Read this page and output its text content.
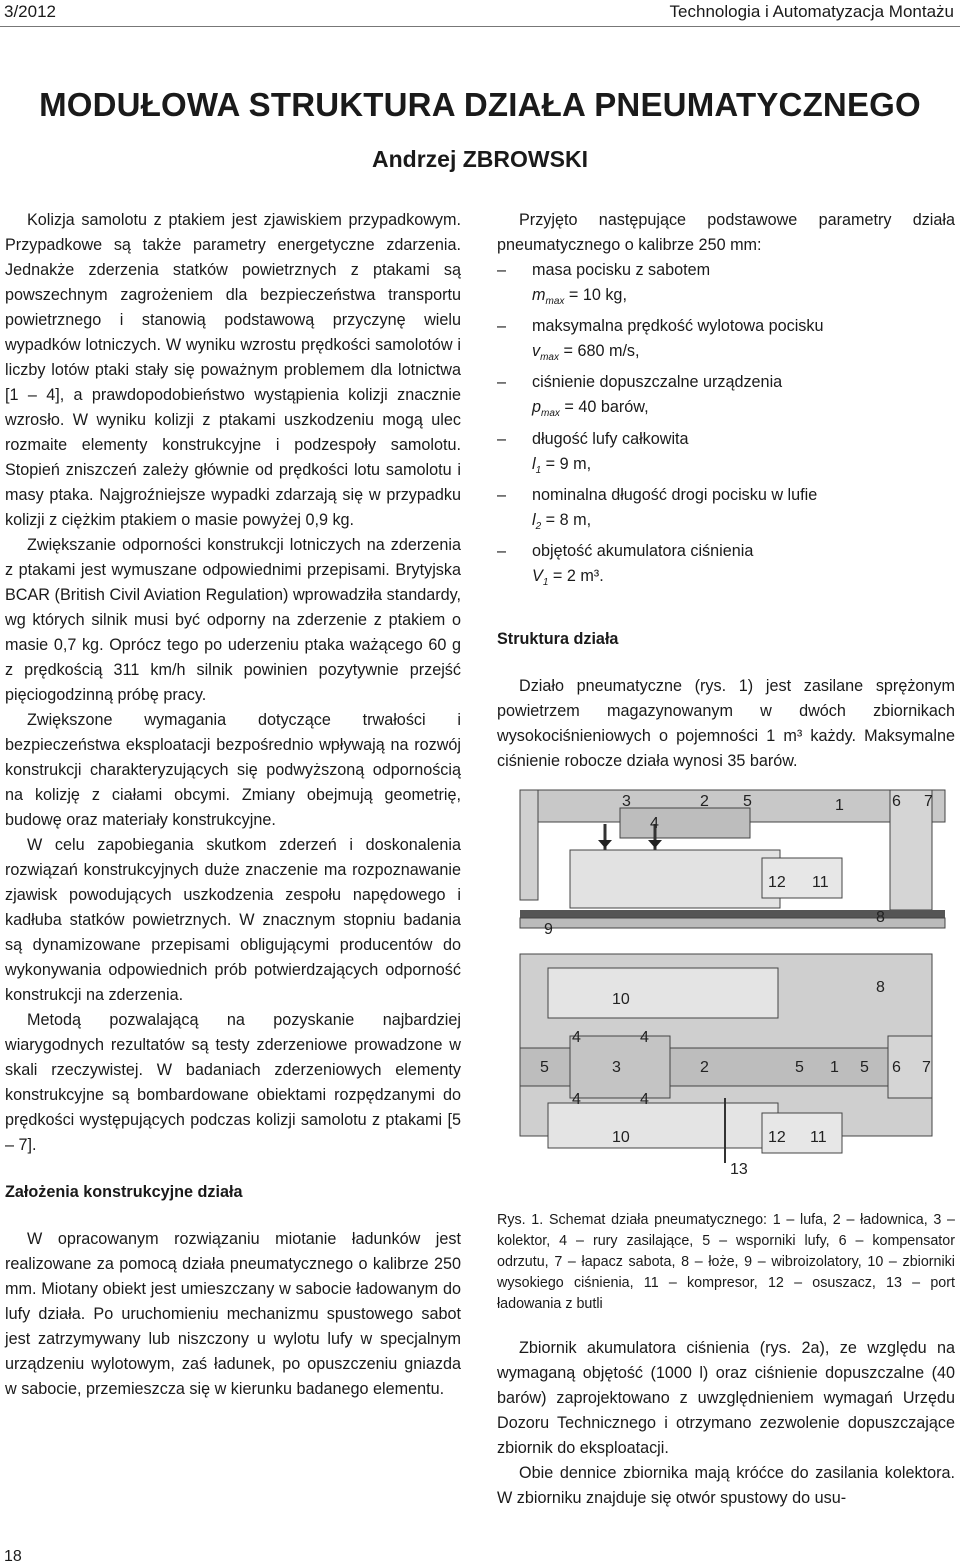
3/2012	Technologia i Automatyzacja Montażu
MODUŁOWA STRUKTURA DZIAŁA PNEUMATYCZNEGO
Andrzej ZBROWSKI

Kolizja samolotu z ptakiem jest zjawiskiem przypadkowym. Przypadkowe są także parametry energetyczne zdarzenia. Jednakże zderzenia statków powietrznych z ptakami są powszechnym zagrożeniem dla bezpieczeństwa transportu powietrznego i stanowią podstawową przyczynę wielu wypadków lotniczych. W wyniku wzrostu prędkości samolotów i liczby lotów ptaki stały się poważnym problemem dla lotnictwa [1 – 4], a prawdopodobieństwo wystąpienia kolizji znacznie wzrosło. W wyniku kolizji z ptakami uszkodzeniu mogą ulec rozmaite elementy konstrukcyjne i podzespoły samolotu. Stopień zniszczeń zależy głównie od prędkości lotu samolotu i masy ptaka. Najgroźniejsze wypadki zdarzają się w przypadku kolizji z ciężkim ptakiem o masie powyżej 0,9 kg.

Zwiększanie odporności konstrukcji lotniczych na zderzenia z ptakami jest wymuszane odpowiednimi przepisami. Brytyjska BCAR (British Civil Aviation Regulation) wprowadziła standardy, wg których silnik musi być odporny na zderzenie z ptakiem o masie 0,7 kg. Oprócz tego po uderzeniu ptaka ważącego 60 g z prędkością 311 km/h silnik powinien pozytywnie przejść pięciogodzinną próbę pracy.

Zwiększone wymagania dotyczące trwałości i bezpieczeństwa eksploatacji bezpośrednio wpływają na rozwój konstrukcji charakteryzujących się podwyższoną odpornością na kolizję z ciałami obcymi. Zmiany obejmują geometrię, budowę oraz materiały konstrukcyjne.

W celu zapobiegania skutkom zderzeń i doskonalenia rozwiązań konstrukcyjnych duże znaczenie ma rozpoznawanie zjawisk powodujących uszkodzenia zespołu napędowego i kadłuba statków powietrznych. W znacznym stopniu badania są dynamizowane przepisami obligującymi producentów do wykonywania odpowiednich prób potwierdzających odporność konstrukcji na zderzenia.

Metodą pozwalającą na pozyskanie najbardziej wiarygodnych rezultatów są testy zderzeniowe prowadzone w skali rzeczywistej. W badaniach zderzeniowych elementy konstrukcyjne są bombardowane obiektami rozpędzanymi do prędkości występujących podczas kolizji samolotu z ptakami [5 – 7].

Założenia konstrukcyjne działa

W opracowanym rozwiązaniu miotanie ładunków jest realizowane za pomocą działa pneumatycznego o kalibrze 250 mm. Miotany obiekt jest umieszczany w sabocie ładowanym do lufy działa. Po uruchomieniu mechanizmu spustowego sabot jest zatrzymywany lub niszczony u wylotu lufy w specjalnym urządzeniu wylotowym, zaś ładunek, po opuszczeniu gniazda w sabocie, przemieszcza się w kierunku badanego elementu.

Przyjęto następujące podstawowe parametry działa pneumatycznego o kalibrze 250 mm:

– masa pocisku z sabotem
$m_{max} = 10$ kg,
– maksymalna prędkość wylotowa pocisku
$v_{max} = 680$ m/s,
– ciśnienie dopuszczalne urządzenia
$p_{max} = 40$ barów,
– długość lufy całkowita
$l_1 = 9$ m,
– nominalna długość drogi pocisku w lufie
$l_2 = 8$ m,
– objętość akumulatora ciśnienia
$V_1 = 2$ m³.
Struktura działa

Działo pneumatyczne (rys. 1) jest zasilane sprężonym powietrzem magazynowanym w dwóch zbiornikach wysokociśnieniowych o pojemności 1 m³ każdy. Maksymalne ciśnienie robocze działa wynosi 35 barów.

3
4
2 5	1	6 7
12 11
8
9
10
8
4	4
5	3	2	5 1 5 6 7
4	4
10	12 11
13
Rys. 1. Schemat działa pneumatycznego: 1 – lufa, 2 – ładownica, 3 – kolektor, 4 – rury zasilające, 5 – wsporniki lufy, 6 – kompensator odrzutu, 7 – łapacz sabota, 8 – łoże, 9 – wibroizolatory, 10 – zbiorniki wysokiego ciśnienia, 11 – kompresor, 12 – osuszacz, 13 – port ładowania z butli

Zbiornik akumulatora ciśnienia (rys. 2a), ze względu na wymaganą objętość (1000 l) oraz ciśnienie dopuszczalne (40 barów) zaprojektowano z uwzględnieniem wymagań Urzędu Dozoru Technicznego i otrzymano zezwolenie dopuszczające zbiornik do eksploatacji.

Obie dennice zbiornika mają króćce do zasilania kolektora. W zbiorniku znajduje się otwór spustowy do usu-

18
